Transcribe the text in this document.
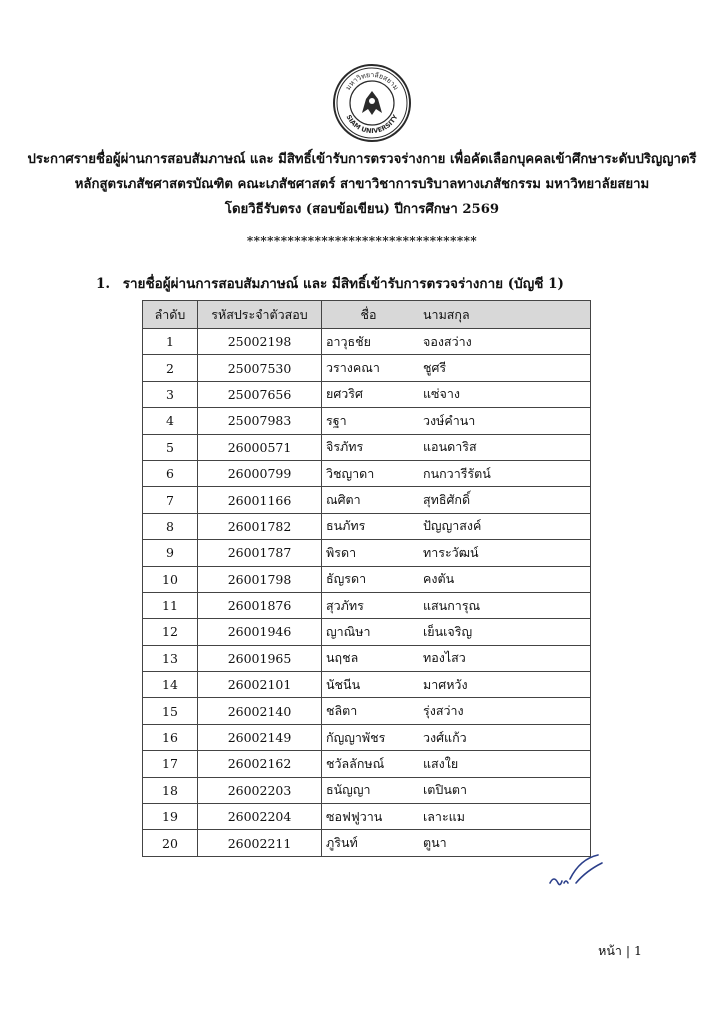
มหาวิทยาลัยสยาม
SIAM UNIVERSITY
ประกาศรายชื่อผู้ผ่านการสอบสัมภาษณ์ และ มีสิทธิ์เข้ารับการตรวจร่างกาย เพื่อคัดเลือกบุคคลเข้าศึกษาระดับปริญญาตรี
หลักสูตรเภสัชศาสตรบัณฑิต คณะเภสัชศาสตร์ สาขาวิชาการบริบาลทางเภสัชกรรม มหาวิทยาลัยสยาม
โดยวิธีรับตรง (สอบข้อเขียน) ปีการศึกษา 2569
**********************************
1. รายชื่อผู้ผ่านการสอบสัมภาษณ์ และ มีสิทธิ์เข้ารับการตรวจร่างกาย (บัญชี 1)
ลำดับ	รหัสประจำตัวสอบ	ชื่อ	นามสกุล
1	25002198	อาวุธชัย	จองสว่าง
2	25007530	วรางคณา	ชูศรี
3	25007656	ยศวริศ	แซ่จาง
4	25007983	รฐา	วงษ์คำนา
5	26000571	จิรภัทร	แอนดาริส
6	26000799	วิชญาดา	กนกวารีรัตน์
7	26001166	ณศิตา	สุทธิศักดิ์
8	26001782	ธนภัทร	ปัญญาสงค์
9	26001787	พิรดา	ทาระวัฒน์
10	26001798	ธัญรดา	คงตัน
11	26001876	สุวภัทร	แสนการุณ
12	26001946	ญาณิษา	เย็นเจริญ
13	26001965	นฤชล	ทองไสว
14	26002101	นัชนีน	มาศหวัง
15	26002140	ชลิตา	รุ่งสว่าง
16	26002149	กัญญาพัชร	วงศ์แก้ว
17	26002162	ชวัลลักษณ์	แสงใย
18	26002203	ธนัญญา	เตปินตา
19	26002204	ซอฟฟูวาน	เลาะแม
20	26002211	ภูรินท์	ตูนา
หน้า | 1
